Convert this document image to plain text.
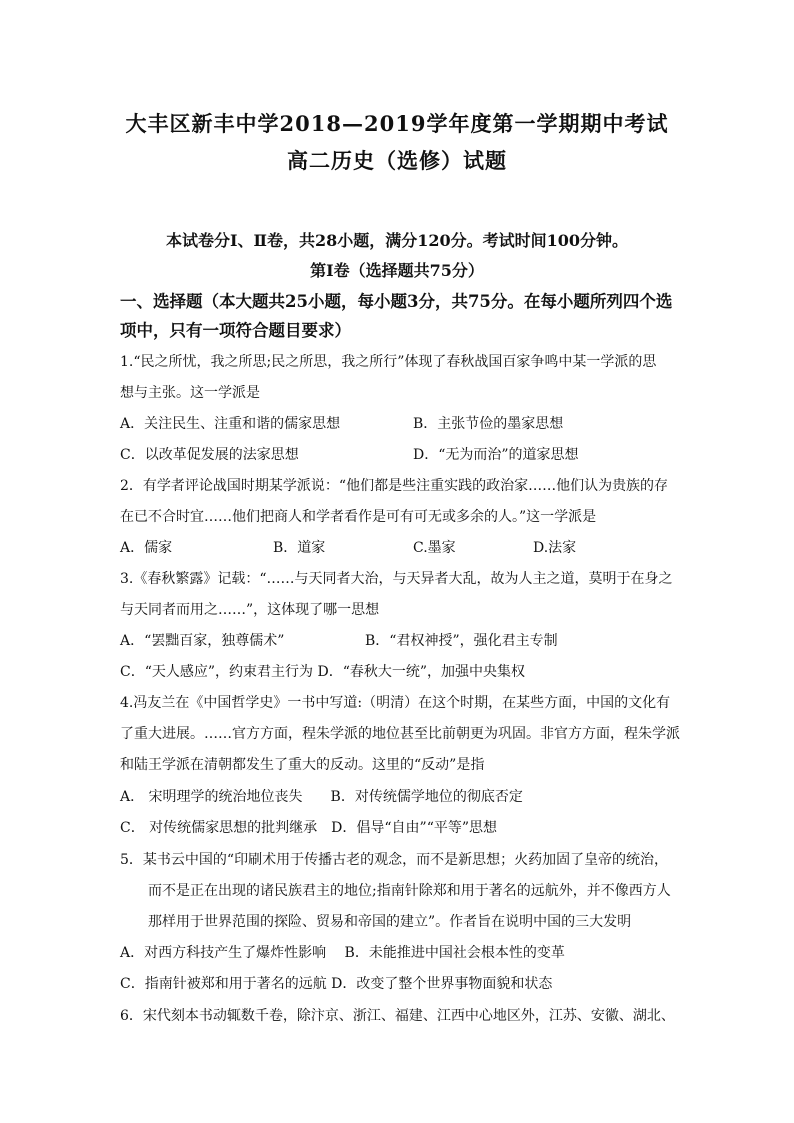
大丰区新丰中学2018—2019学年度第一学期期中考试
高二历史（选修）试题
本试卷分Ⅰ、Ⅱ卷，共28小题，满分120分。考试时间100分钟。
第Ⅰ卷（选择题共75分）
一、选择题（本大题共25小题，每小题3分，共75分。在每小题所列四个选
项中，只有一项符合题目要求）
1.“民之所忧，我之所思;民之所思，我之所行”体现了春秋战国百家争鸣中某一学派的思
想与主张。这一学派是
A．关注民生、注重和谐的儒家思想	B．主张节俭的墨家思想
C．以改革促发展的法家思想	D．“无为而治”的道家思想
2．有学者评论战国时期某学派说：“他们都是些注重实践的政治家……他们认为贵族的存
在已不合时宜……他们把商人和学者看作是可有可无或多余的人。”这一学派是
A．儒家	B．道家	C.墨家	D.法家
3.《春秋繁露》记载：“……与天同者大治，与天异者大乱，故为人主之道，莫明于在身之
与天同者而用之……”，这体现了哪一思想
A．“罢黜百家，独尊儒术”	B．“君权神授”，强化君主专制
C．“天人感应”，约束君主行为 D．“春秋大一统”，加强中央集权
4.冯友兰在《中国哲学史》一书中写道:（明清）在这个时期，在某些方面，中国的文化有
了重大进展。……官方方面，程朱学派的地位甚至比前朝更为巩固。非官方方面，程朱学派
和陆王学派在清朝都发生了重大的反动。这里的“反动”是指
A． 宋明理学的统治地位丧失　　B．对传统儒学地位的彻底否定
C． 对传统儒家思想的批判继承　D．倡导“自由”“平等”思想
5．某书云中国的“印刷术用于传播古老的观念，而不是新思想；火药加固了皇帝的统治，
而不是正在出现的诸民族君主的地位;指南针除郑和用于著名的远航外，并不像西方人
那样用于世界范围的探险、贸易和帝国的建立”。作者旨在说明中国的三大发明
A．对西方科技产生了爆炸性影响　 B．未能推进中国社会根本性的变革
C．指南针被郑和用于著名的远航 D．改变了整个世界事物面貌和状态
6．宋代刻本书动辄数千卷，除汴京、浙江、福建、江西中心地区外，江苏、安徽、湖北、
